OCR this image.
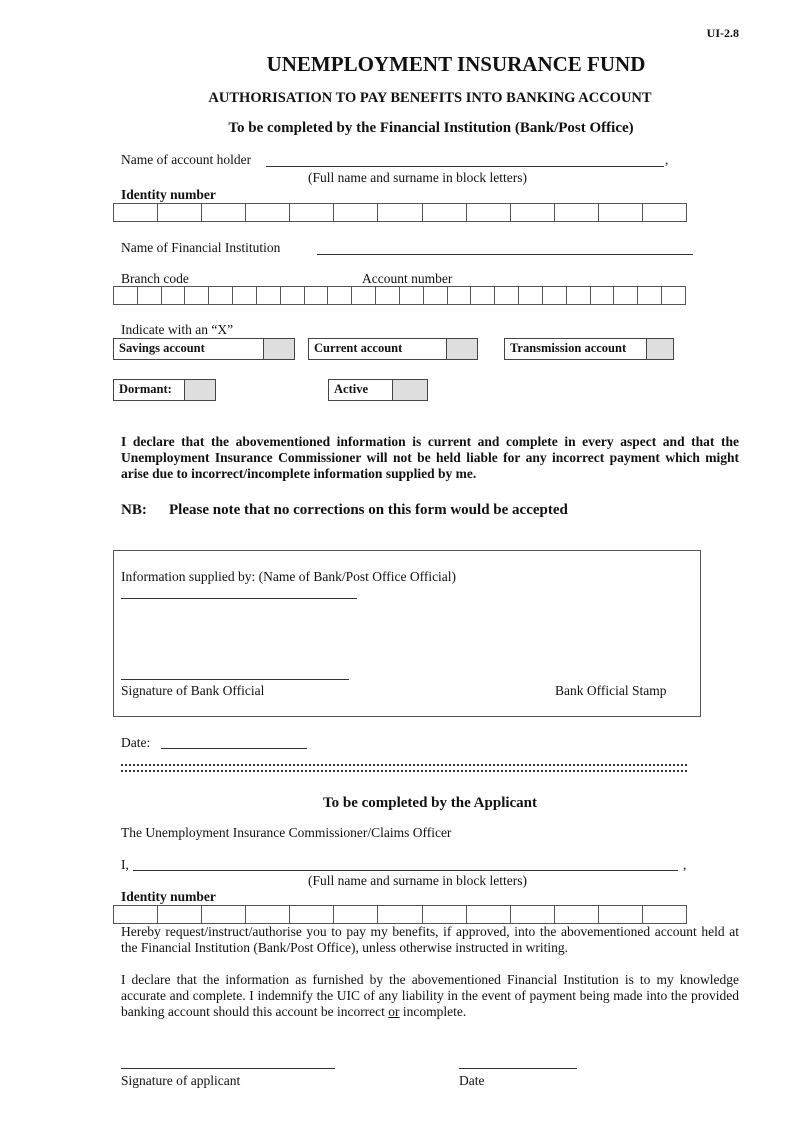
UI-2.8
UNEMPLOYMENT INSURANCE FUND
AUTHORISATION TO PAY BENEFITS INTO BANKING ACCOUNT
To be completed by the Financial Institution (Bank/Post Office)
Name of account holder	,
(Full name and surname in block letters)
Identity number
Name of Financial Institution
Branch code	Account number
Indicate with an “X”
Savings account	Current account	Transmission account
Dormant:	Active
I declare that the abovementioned information is current and complete in every aspect and that the Unemployment Insurance Commissioner will not be held liable for any incorrect payment which might arise due to incorrect/incomplete information supplied by me.
NB: Please note that no corrections on this form would be accepted
Information supplied by: (Name of Bank/Post Office Official)
Signature of Bank Official	Bank Official Stamp
Date:
To be completed by the Applicant
The Unemployment Insurance Commissioner/Claims Officer
I,	,
(Full name and surname in block letters)
Identity number
Hereby request/instruct/authorise you to pay my benefits, if approved, into the abovementioned account held at the Financial Institution (Bank/Post Office), unless otherwise instructed in writing.
I declare that the information as furnished by the abovementioned Financial Institution is to my knowledge accurate and complete. I indemnify the UIC of any liability in the event of payment being made into the provided banking account should this account be incorrect or incomplete.
Signature of applicant	Date
